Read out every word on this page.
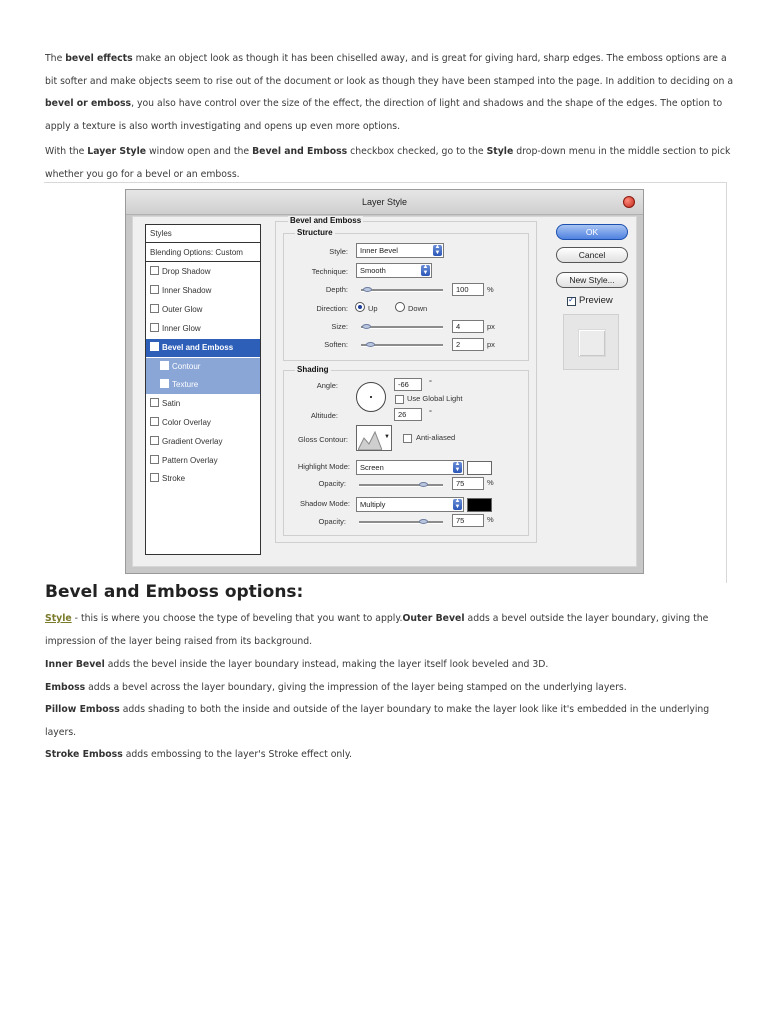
The bevel effects make an object look as though it has been chiselled away, and is great for giving hard, sharp edges. The emboss options are a bit softer and make objects seem to rise out of the document or look as though they have been stamped into the page. In addition to deciding on a bevel or emboss, you also have control over the size of the effect, the direction of light and shadows and the shape of the edges. The option to apply a texture is also worth investigating and opens up even more options.
With the Layer Style window open and the Bevel and Emboss checkbox checked, go to the Style drop-down menu in the middle section to pick whether you go for a bevel or an emboss.
Layer Style
Styles
Blending Options: Custom
Drop Shadow
Inner Shadow
Outer Glow
Inner Glow
Bevel and Emboss
Contour
Texture
Satin
Color Overlay
Gradient Overlay
Pattern Overlay
Stroke
Bevel and Emboss
Structure
Style:	Inner Bevel	▲
▼
Technique:	Smooth	▲
▼
Depth:	100	%
Direction:	Up	Down
Size:	4	px
Soften:	2	px
Shading
Angle:	-66	°
Use Global Light
Altitude:	26	°
Gloss Contour:	▼	Anti-aliased
Highlight Mode:	Screen	▲
▼
Opacity:	75	%
Shadow Mode:	Multiply	▲
▼
Opacity:	75	%
OK
Cancel
New Style...
✓ Preview
Bevel and Emboss options:
Style - this is where you choose the type of beveling that you want to apply.Outer Bevel adds a bevel outside the layer boundary, giving the impression of the layer being raised from its background.
Inner Bevel adds the bevel inside the layer boundary instead, making the layer itself look beveled and 3D.
Emboss adds a bevel across the layer boundary, giving the impression of the layer being stamped on the underlying layers.
Pillow Emboss adds shading to both the inside and outside of the layer boundary to make the layer look like it's embedded in the underlying layers.
Stroke Emboss adds embossing to the layer's Stroke effect only.
